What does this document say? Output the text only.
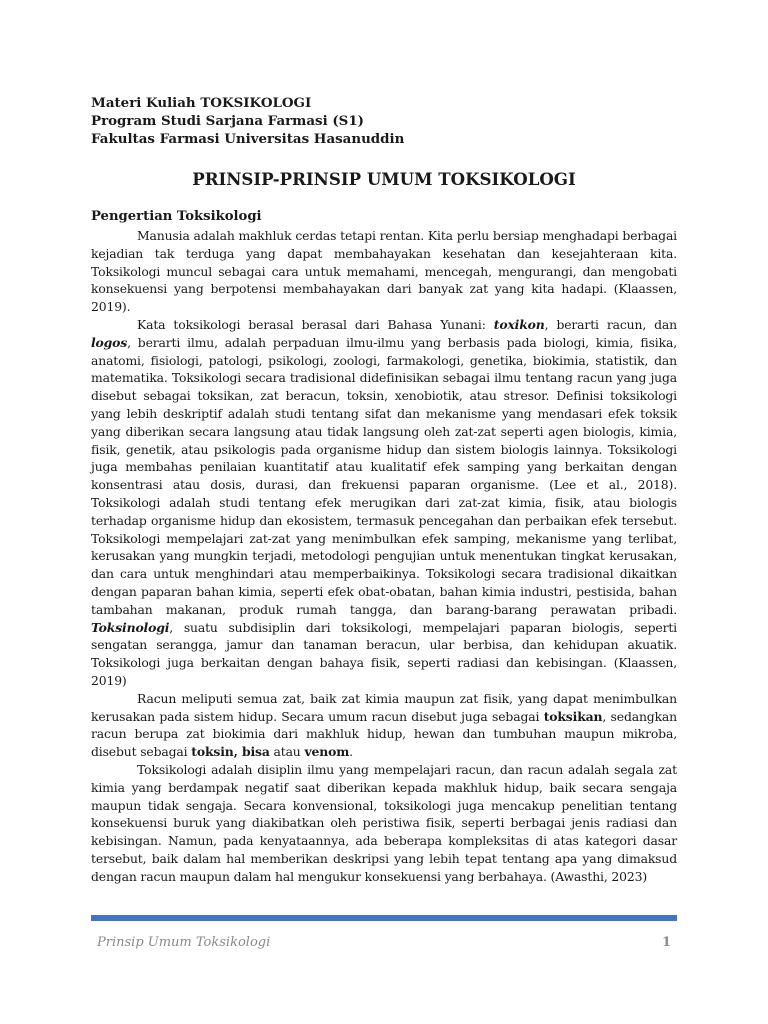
Materi Kuliah TOKSIKOLOGI
Program Studi Sarjana Farmasi (S1)
Fakultas Farmasi Universitas Hasanuddin
PRINSIP-PRINSIP UMUM TOKSIKOLOGI
Pengertian Toksikologi

Manusia adalah makhluk cerdas tetapi rentan. Kita perlu bersiap menghadapi berbagai kejadian tak terduga yang dapat membahayakan kesehatan dan kesejahteraan kita. Toksikologi muncul sebagai cara untuk memahami, mencegah, mengurangi, dan mengobati konsekuensi yang berpotensi membahayakan dari banyak zat yang kita hadapi. (Klaassen, 2019).

Kata toksikologi berasal berasal dari Bahasa Yunani: toxikon, berarti racun, dan logos, berarti ilmu, adalah perpaduan ilmu-ilmu yang berbasis pada biologi, kimia, fisika, anatomi, fisiologi, patologi, psikologi, zoologi, farmakologi, genetika, biokimia, statistik, dan matematika. Toksikologi secara tradisional didefinisikan sebagai ilmu tentang racun yang juga disebut sebagai toksikan, zat beracun, toksin, xenobiotik, atau stresor. Definisi toksikologi yang lebih deskriptif adalah studi tentang sifat dan mekanisme yang mendasari efek toksik yang diberikan secara langsung atau tidak langsung oleh zat-zat seperti agen biologis, kimia, fisik, genetik, atau psikologis pada organisme hidup dan sistem biologis lainnya. Toksikologi juga membahas penilaian kuantitatif atau kualitatif efek samping yang berkaitan dengan konsentrasi atau dosis, durasi, dan frekuensi paparan organisme. (Lee et al., 2018). Toksikologi adalah studi tentang efek merugikan dari zat-zat kimia, fisik, atau biologis terhadap organisme hidup dan ekosistem, termasuk pencegahan dan perbaikan efek tersebut. Toksikologi mempelajari zat-zat yang menimbulkan efek samping, mekanisme yang terlibat, kerusakan yang mungkin terjadi, metodologi pengujian untuk menentukan tingkat kerusakan, dan cara untuk menghindari atau memperbaikinya. Toksikologi secara tradisional dikaitkan dengan paparan bahan kimia, seperti efek obat-obatan, bahan kimia industri, pestisida, bahan tambahan makanan, produk rumah tangga, dan barang-barang perawatan pribadi. Toksinologi, suatu subdisiplin dari toksikologi, mempelajari paparan biologis, seperti sengatan serangga, jamur dan tanaman beracun, ular berbisa, dan kehidupan akuatik. Toksikologi juga berkaitan dengan bahaya fisik, seperti radiasi dan kebisingan. (Klaassen, 2019)

Racun meliputi semua zat, baik zat kimia maupun zat fisik, yang dapat menimbulkan kerusakan pada sistem hidup. Secara umum racun disebut juga sebagai toksikan, sedangkan racun berupa zat biokimia dari makhluk hidup, hewan dan tumbuhan maupun mikroba, disebut sebagai toksin, bisa atau venom.

Toksikologi adalah disiplin ilmu yang mempelajari racun, dan racun adalah segala zat kimia yang berdampak negatif saat diberikan kepada makhluk hidup, baik secara sengaja maupun tidak sengaja. Secara konvensional, toksikologi juga mencakup penelitian tentang konsekuensi buruk yang diakibatkan oleh peristiwa fisik, seperti berbagai jenis radiasi dan kebisingan. Namun, pada kenyataannya, ada beberapa kompleksitas di atas kategori dasar tersebut, baik dalam hal memberikan deskripsi yang lebih tepat tentang apa yang dimaksud dengan racun maupun dalam hal mengukur konsekuensi yang berbahaya. (Awasthi, 2023)

Prinsip Umum Toksikologi	1
